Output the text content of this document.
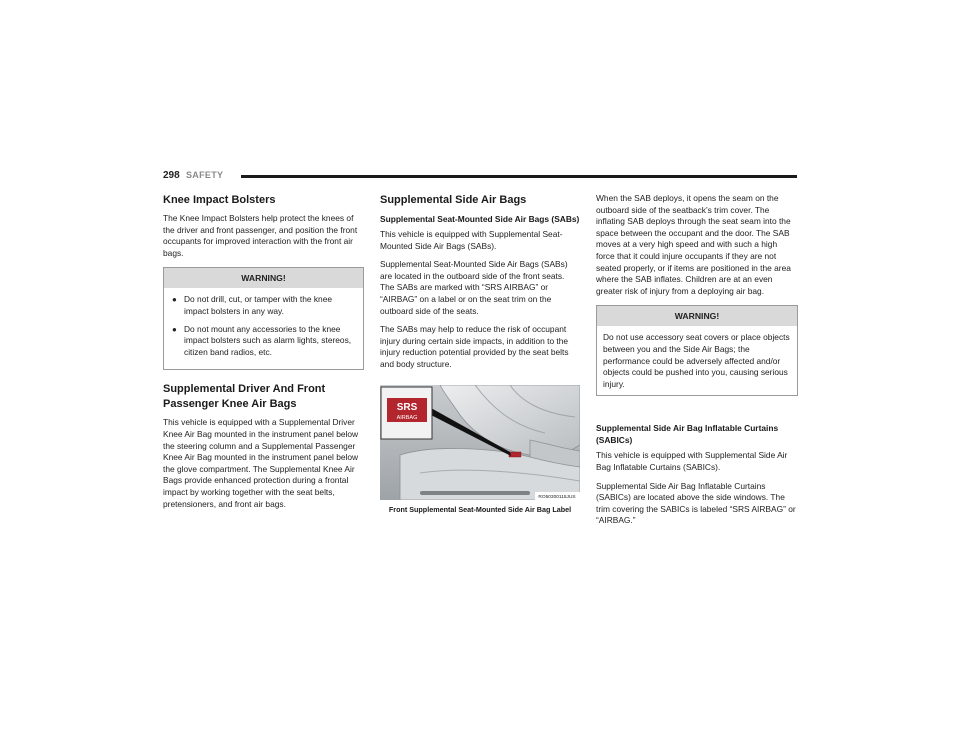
298 SAFETY
Knee Impact Bolsters

The Knee Impact Bolsters help protect the knees of the driver and front passenger, and position the front occupants for improved interaction with the front air bags.

WARNING!
● Do not drill, cut, or tamper with the knee impact bolsters in any way.
● Do not mount any accessories to the knee impact bolsters such as alarm lights, stereos, citizen band radios, etc.
Supplemental Driver And Front Passenger Knee Air Bags

This vehicle is equipped with a Supplemental Driver Knee Air Bag mounted in the instrument panel below the steering column and a Supplemental Passenger Knee Air Bag mounted in the instrument panel below the glove compartment. The Supplemental Knee Air Bags provide enhanced protection during a frontal impact by working together with the seat belts, pretensioners, and front air bags.

Supplemental Side Air Bags
Supplemental Seat-Mounted Side Air Bags (SABs)

This vehicle is equipped with Supplemental Seat-Mounted Side Air Bags (SABs).

Supplemental Seat-Mounted Side Air Bags (SABs) are located in the outboard side of the front seats. The SABs are marked with “SRS AIRBAG” or “AIRBAG” on a label or on the seat trim on the outboard side of the seats.

The SABs may help to reduce the risk of occupant injury during certain side impacts, in addition to the injury reduction potential provided by the seat belts and body structure.

SRS
AIRBAG
RO50300115JUS
Front Supplemental Seat-Mounted Side Air Bag Label

When the SAB deploys, it opens the seam on the outboard side of the seatback’s trim cover. The inflating SAB deploys through the seat seam into the space between the occupant and the door. The SAB moves at a very high speed and with such a high force that it could injure occupants if they are not seated properly, or if items are positioned in the area where the SAB inflates. Children are at an even greater risk of injury from a deploying air bag.

WARNING!

Do not use accessory seat covers or place objects between you and the Side Air Bags; the performance could be adversely affected and/or objects could be pushed into you, causing serious injury.

Supplemental Side Air Bag Inflatable Curtains (SABICs)

This vehicle is equipped with Supplemental Side Air Bag Inflatable Curtains (SABICs).

Supplemental Side Air Bag Inflatable Curtains (SABICs) are located above the side windows. The trim covering the SABICs is labeled “SRS AIRBAG” or “AIRBAG.”
